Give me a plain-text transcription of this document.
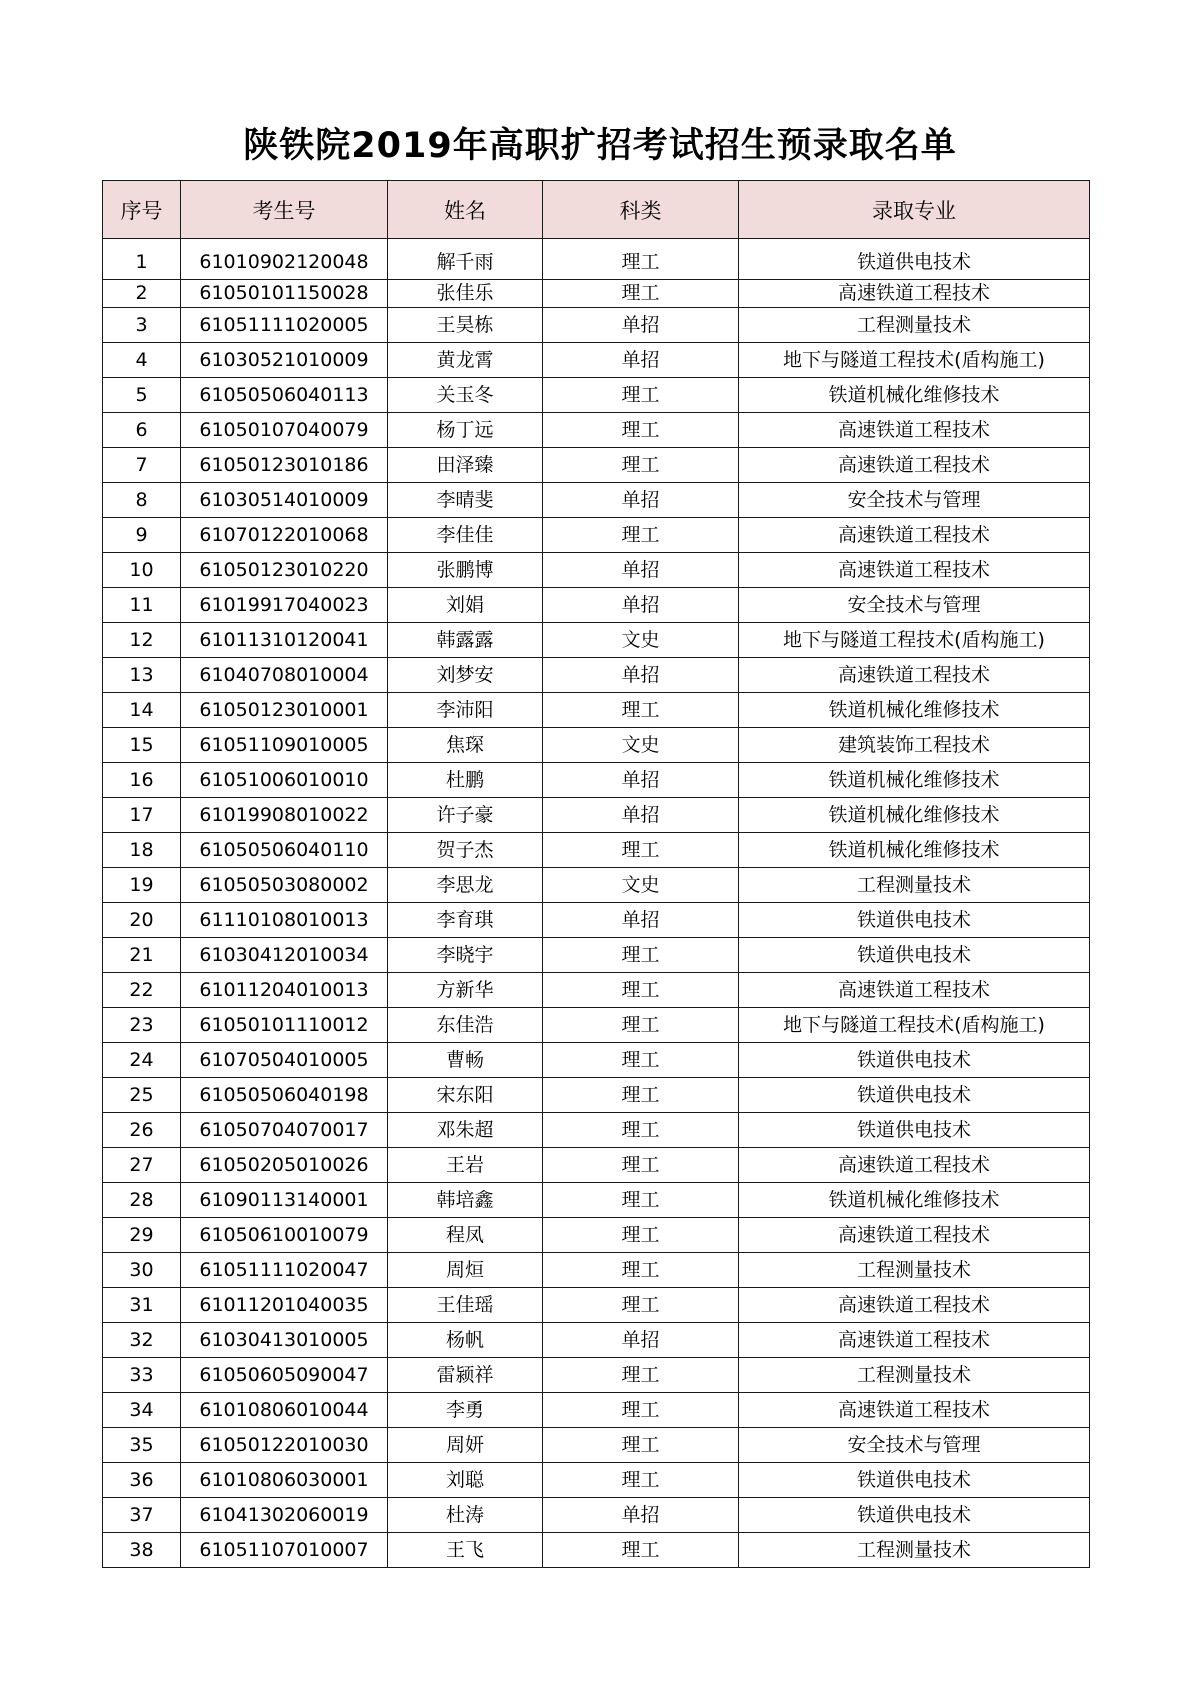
陕铁院2019年高职扩招考试招生预录取名单
序号	考生号	姓名	科类	录取专业
1	61010902120048	解千雨	理工	铁道供电技术
2	61050101150028	张佳乐	理工	高速铁道工程技术
3	61051111020005	王昊栋	单招	工程测量技术
4	61030521010009	黄龙霄	单招	地下与隧道工程技术(盾构施工)
5	61050506040113	关玉冬	理工	铁道机械化维修技术
6	61050107040079	杨丁远	理工	高速铁道工程技术
7	61050123010186	田泽臻	理工	高速铁道工程技术
8	61030514010009	李晴斐	单招	安全技术与管理
9	61070122010068	李佳佳	理工	高速铁道工程技术
10	61050123010220	张鹏博	单招	高速铁道工程技术
11	61019917040023	刘娟	单招	安全技术与管理
12	61011310120041	韩露露	文史	地下与隧道工程技术(盾构施工)
13	61040708010004	刘梦安	单招	高速铁道工程技术
14	61050123010001	李沛阳	理工	铁道机械化维修技术
15	61051109010005	焦琛	文史	建筑装饰工程技术
16	61051006010010	杜鹏	单招	铁道机械化维修技术
17	61019908010022	许子豪	单招	铁道机械化维修技术
18	61050506040110	贺子杰	理工	铁道机械化维修技术
19	61050503080002	李思龙	文史	工程测量技术
20	61110108010013	李育琪	单招	铁道供电技术
21	61030412010034	李晓宇	理工	铁道供电技术
22	61011204010013	方新华	理工	高速铁道工程技术
23	61050101110012	东佳浩	理工	地下与隧道工程技术(盾构施工)
24	61070504010005	曹畅	理工	铁道供电技术
25	61050506040198	宋东阳	理工	铁道供电技术
26	61050704070017	邓朱超	理工	铁道供电技术
27	61050205010026	王岩	理工	高速铁道工程技术
28	61090113140001	韩培鑫	理工	铁道机械化维修技术
29	61050610010079	程凤	理工	高速铁道工程技术
30	61051111020047	周烜	理工	工程测量技术
31	61011201040035	王佳瑶	理工	高速铁道工程技术
32	61030413010005	杨帆	单招	高速铁道工程技术
33	61050605090047	雷颍祥	理工	工程测量技术
34	61010806010044	李勇	理工	高速铁道工程技术
35	61050122010030	周妍	理工	安全技术与管理
36	61010806030001	刘聪	理工	铁道供电技术
37	61041302060019	杜涛	单招	铁道供电技术
38	61051107010007	王飞	理工	工程测量技术
